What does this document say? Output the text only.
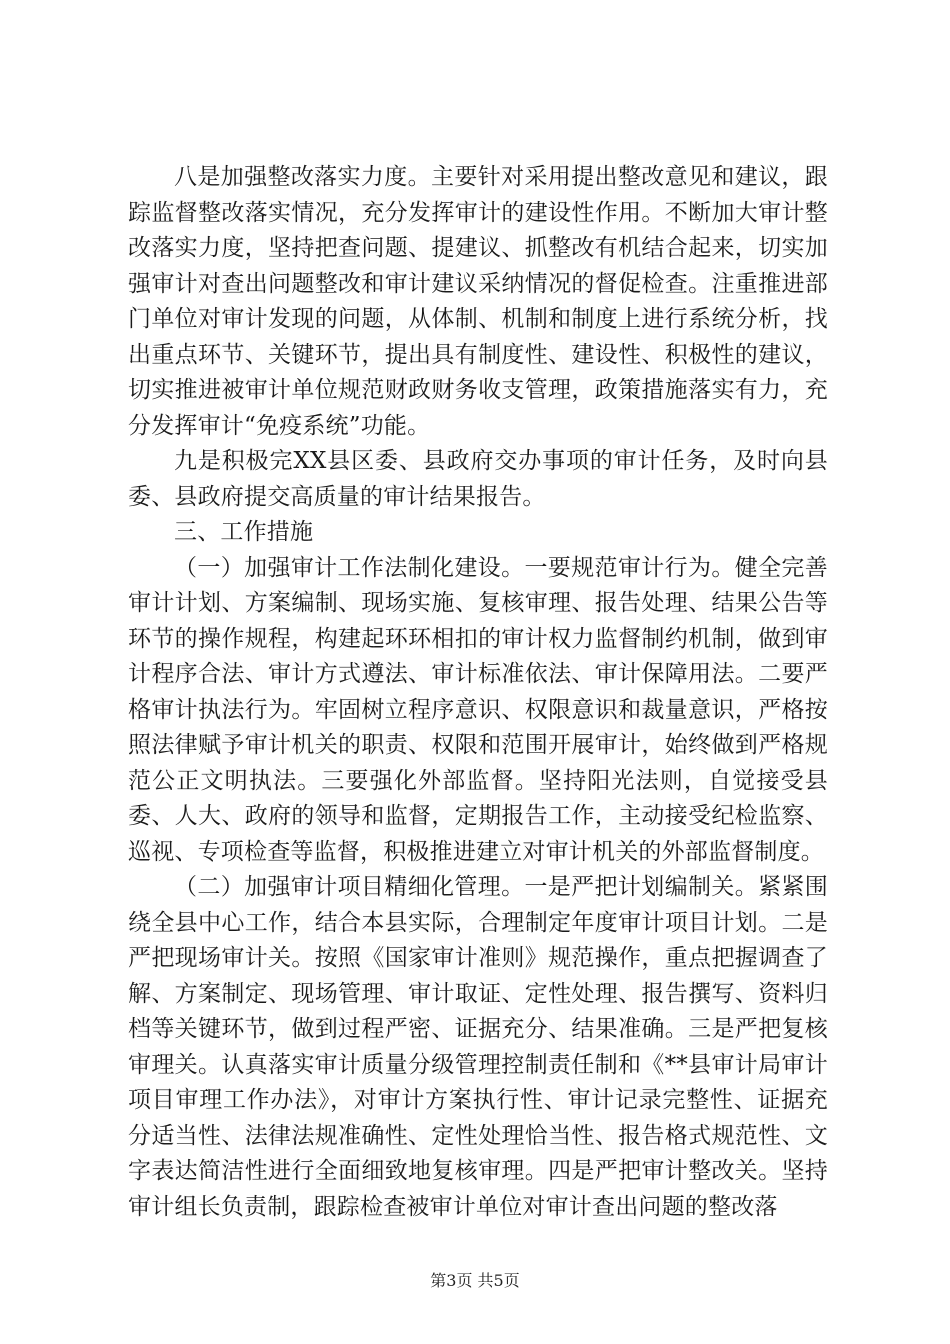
八是加强整改落实力度。主要针对采用提出整改意见和建议，跟踪监督整改落实情况，充分发挥审计的建设性作用。不断加大审计整改落实力度，坚持把查问题、提建议、抓整改有机结合起来，切实加强审计对查出问题整改和审计建议采纳情况的督促检查。注重推进部门单位对审计发现的问题，从体制、机制和制度上进行系统分析，找出重点环节、关键环节，提出具有制度性、建设性、积极性的建议，切实推进被审计单位规范财政财务收支管理，政策措施落实有力，充分发挥审计“免疫系统”功能。

九是积极完XX县区委、县政府交办事项的审计任务，及时向县委、县政府提交高质量的审计结果报告。

三、工作措施

（一）加强审计工作法制化建设。一要规范审计行为。健全完善审计计划、方案编制、现场实施、复核审理、报告处理、结果公告等环节的操作规程，构建起环环相扣的审计权力监督制约机制，做到审计程序合法、审计方式遵法、审计标准依法、审计保障用法。二要严格审计执法行为。牢固树立程序意识、权限意识和裁量意识，严格按照法律赋予审计机关的职责、权限和范围开展审计，始终做到严格规范公正文明执法。三要强化外部监督。坚持阳光法则，自觉接受县委、人大、政府的领导和监督，定期报告工作，主动接受纪检监察、巡视、专项检查等监督，积极推进建立对审计机关的外部监督制度。

（二）加强审计项目精细化管理。一是严把计划编制关。紧紧围绕全县中心工作，结合本县实际，合理制定年度审计项目计划。二是严把现场审计关。按照《国家审计准则》规范操作，重点把握调查了解、方案制定、现场管理、审计取证、定性处理、报告撰写、资料归档等关键环节，做到过程严密、证据充分、结果准确。三是严把复核审理关。认真落实审计质量分级管理控制责任制和《**县审计局审计项目审理工作办法》，对审计方案执行性、审计记录完整性、证据充分适当性、法律法规准确性、定性处理恰当性、报告格式规范性、文字表达简洁性进行全面细致地复核审理。四是严把审计整改关。坚持审计组长负责制，跟踪检查被审计单位对审计查出问题的整改落

第3页 共5页
